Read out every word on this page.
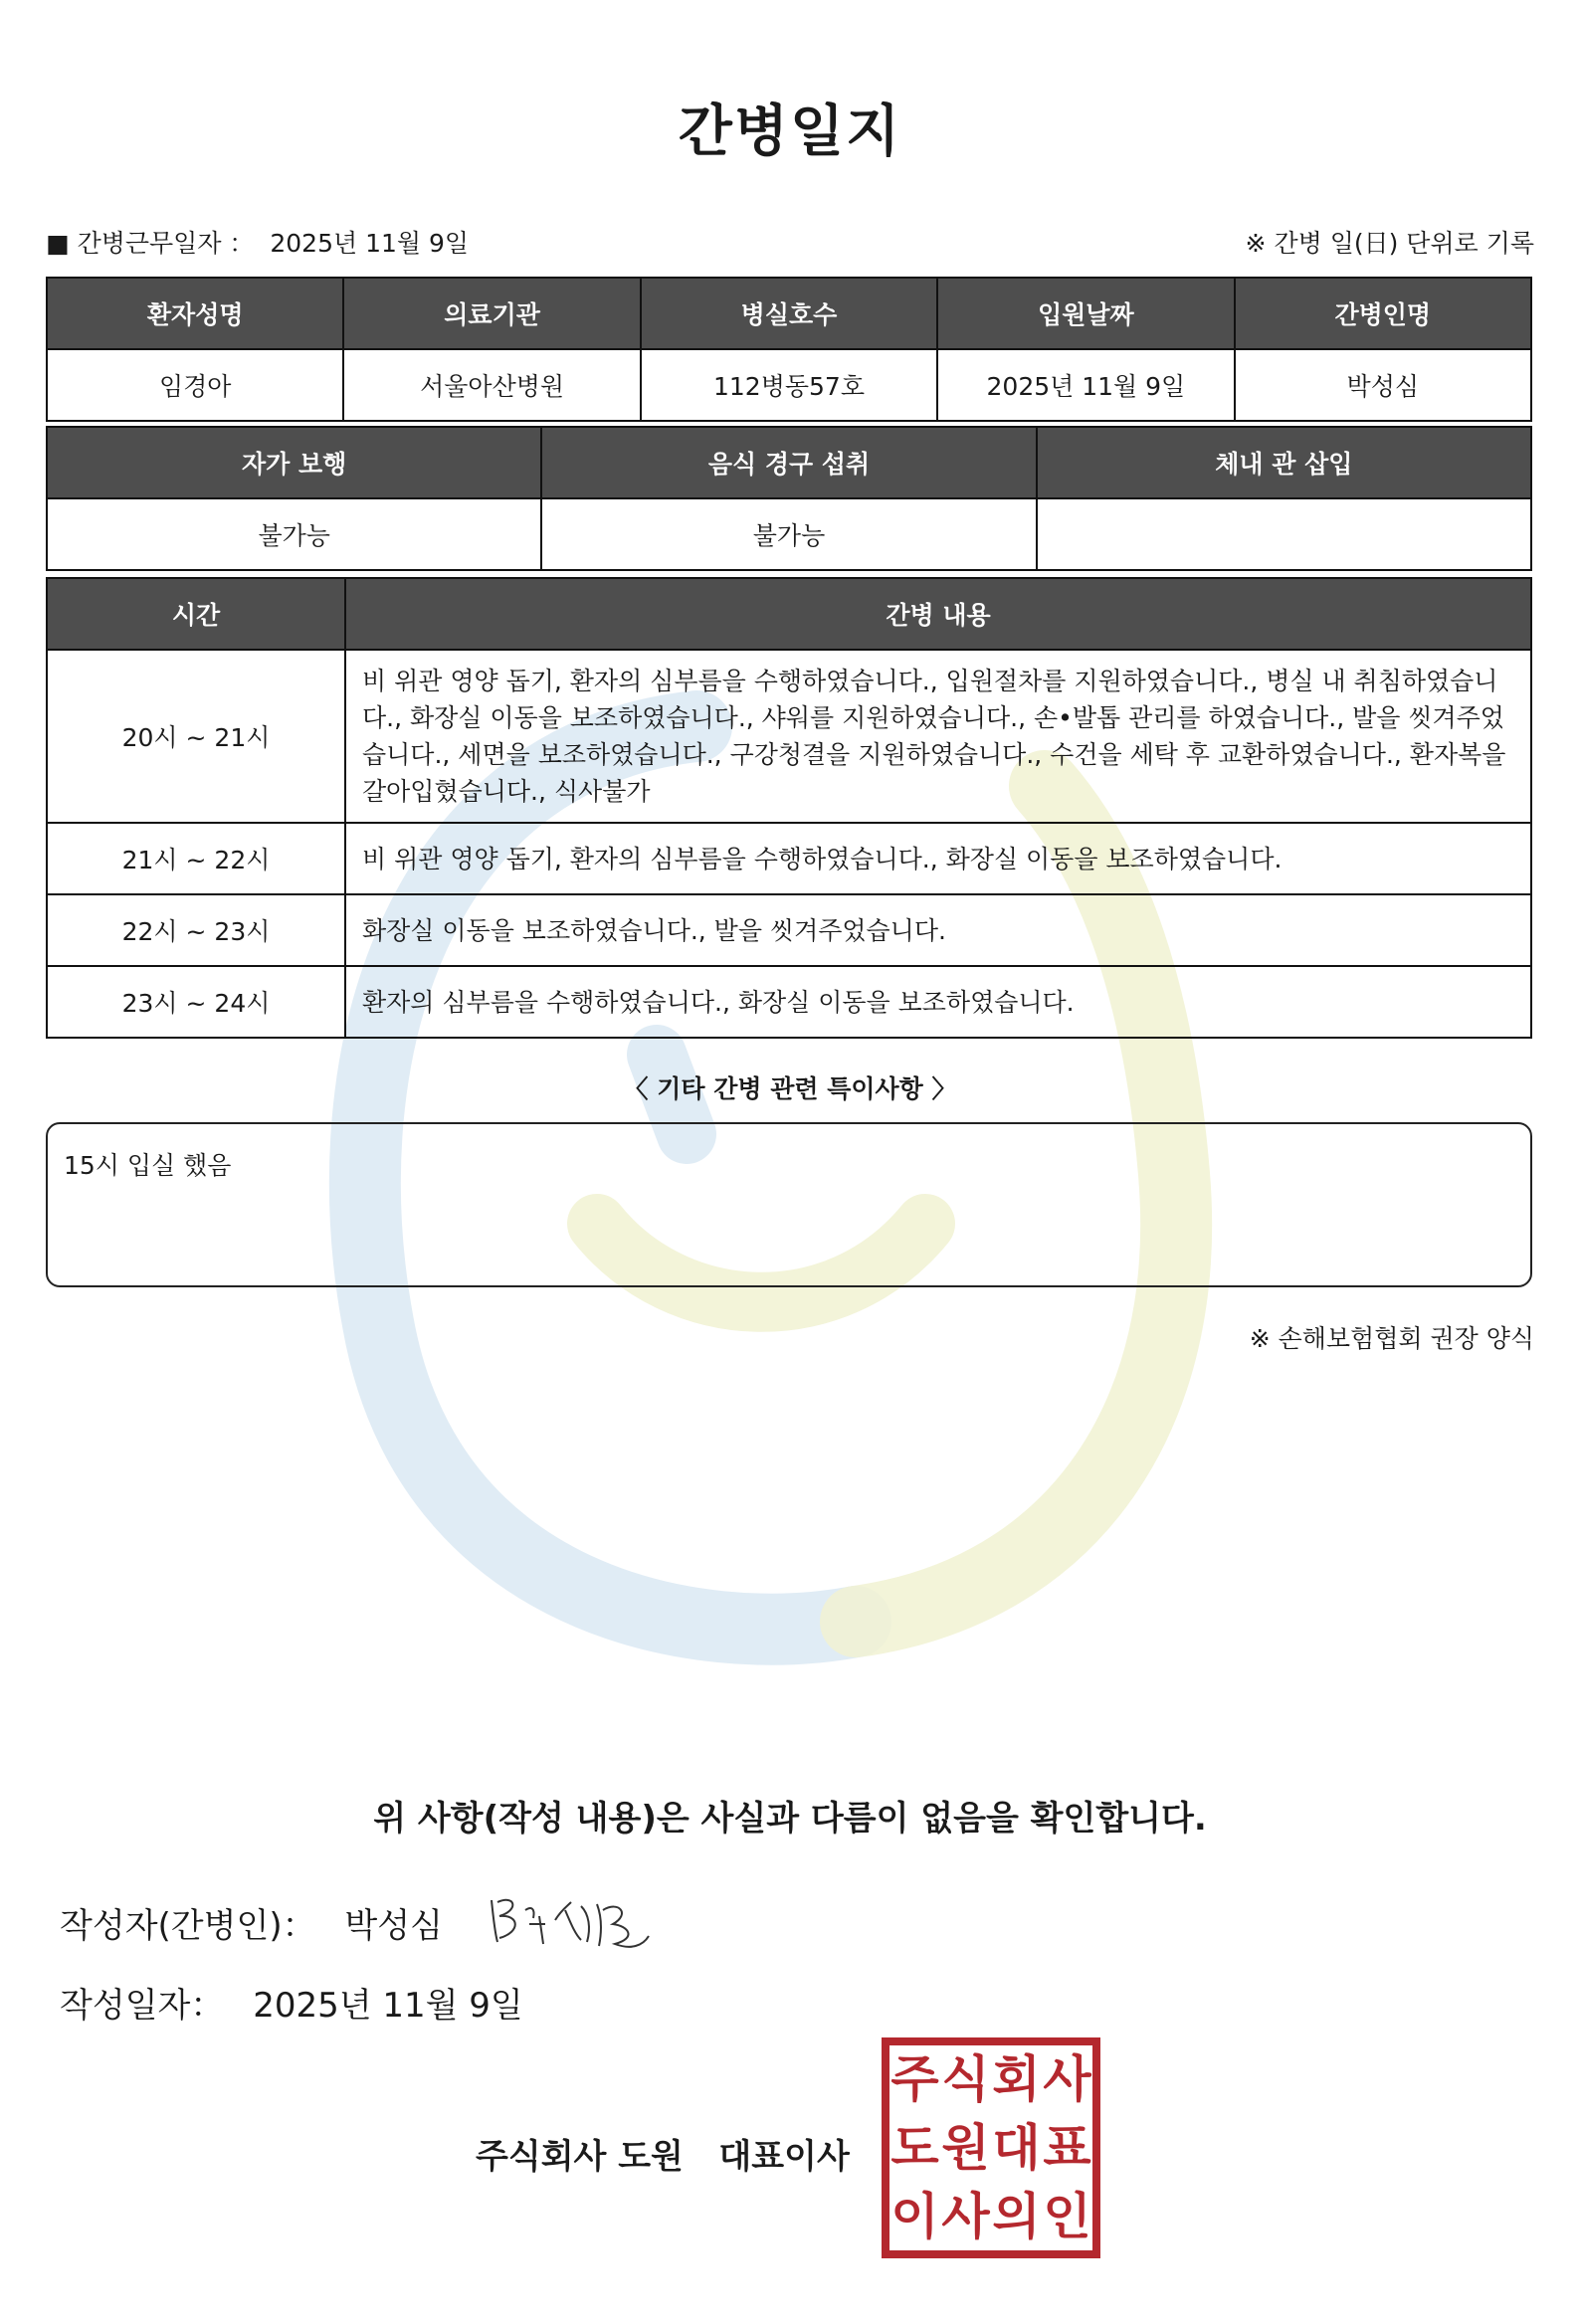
간병일지
■ 간병근무일자 ： 2025년 11월 9일	※ 간병 일(日) 단위로 기록
환자성명	의료기관	병실호수	입원날짜	간병인명
임경아	서울아산병원	112병동57호	2025년 11월 9일	박성심
자가 보행	음식 경구 섭취	체내 관 삽입
불가능	불가능	
시간	간병 내용
20시 ~ 21시	비 위관 영양 돕기, 환자의 심부름을 수행하였습니다., 입원절차를 지원하였습니다., 병실 내 취침하였습니다., 화장실 이동을 보조하였습니다., 샤워를 지원하였습니다., 손•발톱 관리를 하였습니다., 발을 씻겨주었습니다., 세면을 보조하였습니다., 구강청결을 지원하였습니다., 수건을 세탁 후 교환하였습니다., 환자복을 갈아입혔습니다., 식사불가
21시 ~ 22시	비 위관 영양 돕기, 환자의 심부름을 수행하였습니다., 화장실 이동을 보조하였습니다.
22시 ~ 23시	화장실 이동을 보조하였습니다., 발을 씻겨주었습니다.
23시 ~ 24시	환자의 심부름을 수행하였습니다., 화장실 이동을 보조하였습니다.
〈 기타 간병 관련 특이사항 〉
15시 입실 했음
※ 손해보험협회 권장 양식
위 사항(작성 내용)은 사실과 다름이 없음을 확인합니다.
작성자(간병인)： 박성심
작성일자： 2025년 11월 9일
주식회사 도원   대표이사
주 식 회 사
도 원 대 표
이 사 의 인
